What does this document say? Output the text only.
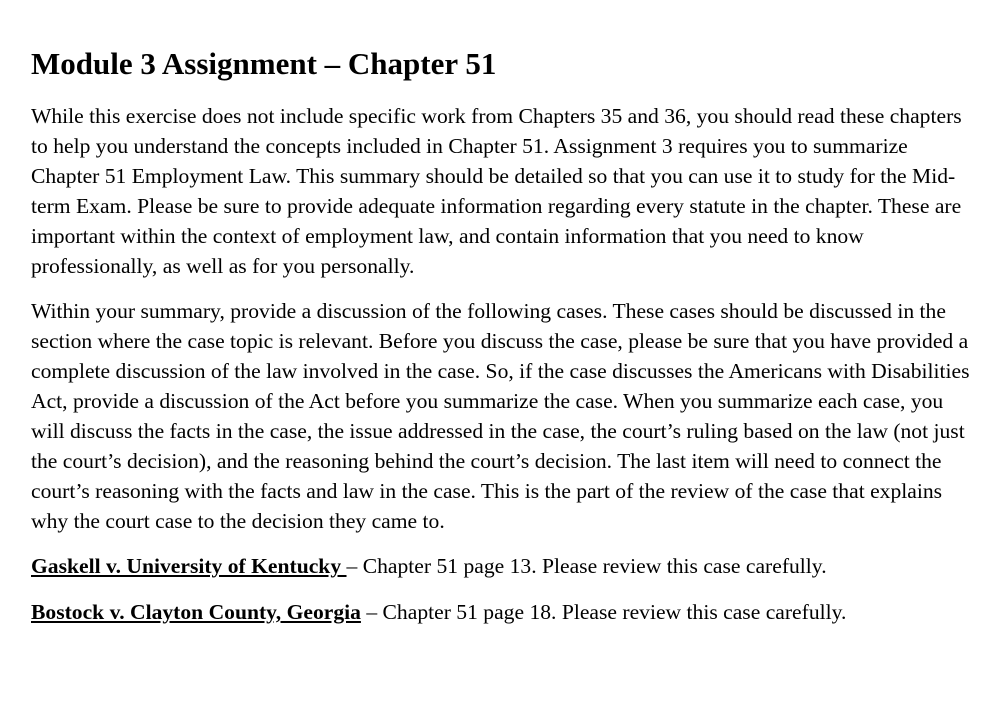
Module 3 Assignment – Chapter 51

While this exercise does not include specific work from Chapters 35 and 36, you should read these chapters to help you understand the concepts included in Chapter 51. Assignment 3 requires you to summarize Chapter 51 Employment Law. This summary should be detailed so that you can use it to study for the Mid-term Exam. Please be sure to provide adequate information regarding every statute in the chapter. These are important within the context of employment law, and contain information that you need to know professionally, as well as for you personally.

Within your summary, provide a discussion of the following cases. These cases should be discussed in the section where the case topic is relevant. Before you discuss the case, please be sure that you have provided a complete discussion of the law involved in the case. So, if the case discusses the Americans with Disabilities Act, provide a discussion of the Act before you summarize the case. When you summarize each case, you will discuss the facts in the case, the issue addressed in the case, the court’s ruling based on the law (not just the court’s decision), and the reasoning behind the court’s decision. The last item will need to connect the court’s reasoning with the facts and law in the case. This is the part of the review of the case that explains why the court case to the decision they came to.

Gaskell v. University of Kentucky – Chapter 51 page 13. Please review this case carefully.
Bostock v. Clayton County, Georgia – Chapter 51 page 18. Please review this case carefully.
